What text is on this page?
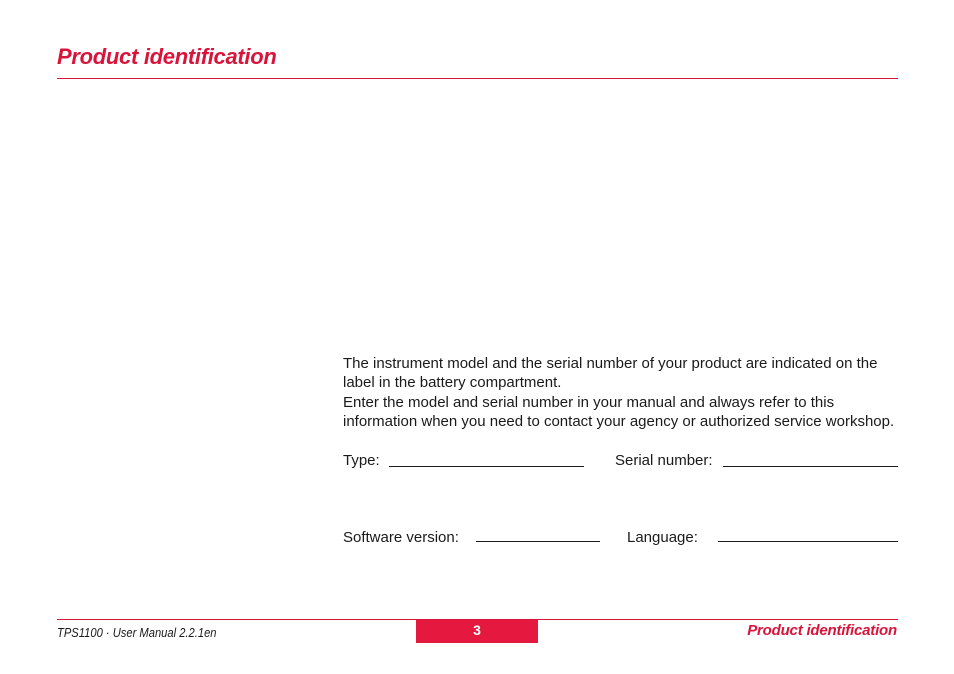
Product identification

The instrument model and the serial number of your product are indicated on the label in the battery compartment.

Enter the model and serial number in your manual and always refer to this information when you need to contact your agency or authorized service workshop.

Type:	Serial number:
Software version:	Language:
TPS1100 · User Manual 2.2.1en	3	Product identification
